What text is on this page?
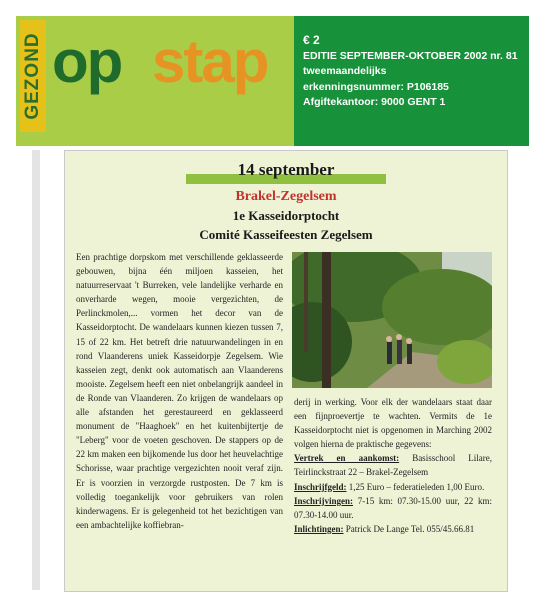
GEZOND op stap	€ 2
EDITIE SEPTEMBER-OKTOBER 2002 nr. 81
tweemaandelijks
erkenningsnummer: P106185
Afgiftekantoor: 9000 GENT 1
14 september
Brakel-Zegelsem
1e Kasseidorptocht
Comité Kasseifeesten Zegelsem

Een prachtige dorpskom met verschillende geklasseerde gebouwen, bijna één miljoen kasseien, het natuurreservaat 't Burreken, vele landelijke verharde en onverharde wegen, mooie vergezichten, de Perlinckmolen,... vormen het decor van de Kasseidorptocht. De wandelaars kunnen kiezen tussen 7, 15 of 22 km. Het betreft drie natuurwandelingen in en rond Vlaanderens uniek Kasseidorpje Zegelsem. Wie kasseien zegt, denkt ook automatisch aan Vlaanderens mooiste. Zegelsem heeft een niet onbelangrijk aandeel in de Ronde van Vlaanderen. Zo krijgen de wandelaars op alle afstanden het gerestaureerd en geklasseerd monument de "Haaghoek" en het kuitenbijtertje de "Leberg" voor de voeten geschoven. De stappers op de 22 km maken een bijkomende lus door het heuvelachtige Schorisse, waar prachtige vergezichten nooit veraf zijn. Er is voorzien in verzorgde rustposten. De 7 km is volledig toegankelijk voor gebruikers van rolen kinderwagens. Er is gelegenheid tot het bezichtigen van een ambachtelijke koffiebran-

derij in werking. Voor elk der wandelaars staat daar een fijnproevertje te wachten. Vermits de 1e Kasseidorptocht niet is opgenomen in Marching 2002 volgen hierna de praktische gegevens:

Vertrek en aankomst: Basisschool Lilare, Teirlinckstraat 22 – Brakel-Zegelsem

Inschrijfgeld: 1,25 Euro – federatieleden 1,00 Euro.

Inschrijvingen: 7-15 km: 07.30-15.00 uur, 22 km: 07.30-14.00 uur.

Inlichtingen: Patrick De Lange Tel. 055/45.66.81
